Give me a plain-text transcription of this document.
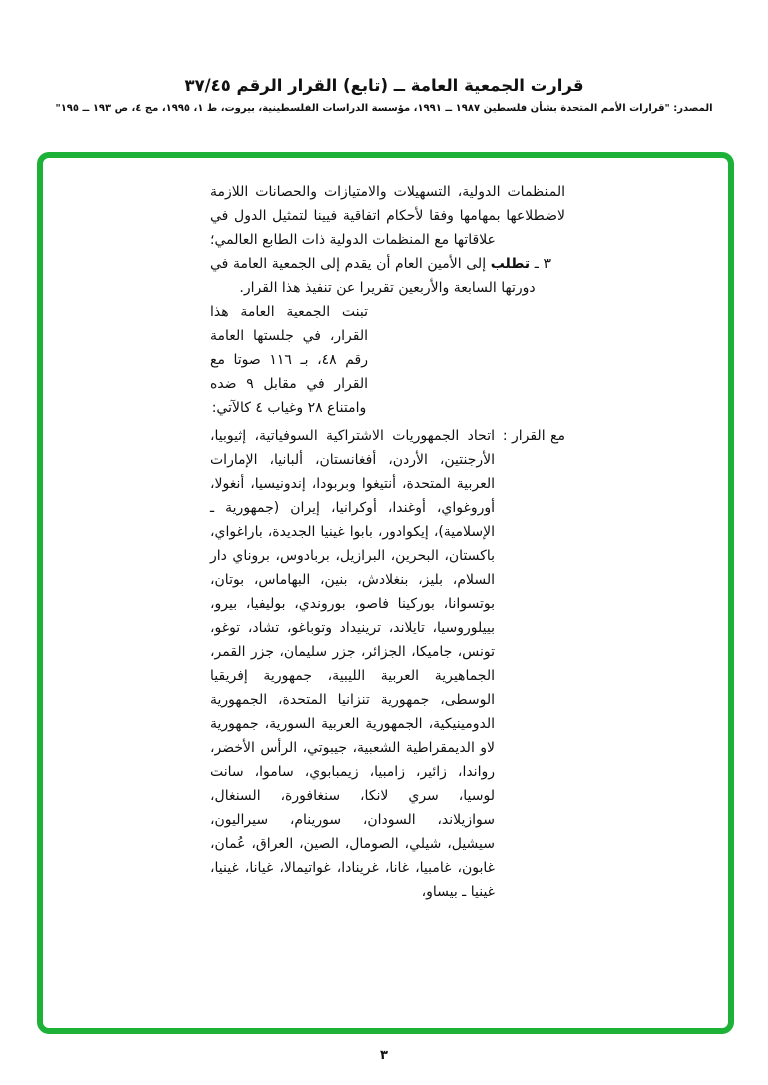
قرارت الجمعية العامة ــ (تابع) القرار الرقم ٣٧/٤٥
المصدر: "قرارات الأمم المتحدة بشأن فلسطين ١٩٨٧ ــ ١٩٩١، مؤسسة الدراسات الفلسطينية، بيروت، ط ١، ١٩٩٥، مج ٤، ص ١٩٣ ــ ١٩٥"

المنظمات الدولية، التسهيلات والامتيازات والحصانات اللازمة لاضطلاعها بمهامها وفقا لأحكام اتفاقية فيينا لتمثيل الدول في علاقاتها مع المنظمات الدولية ذات الطابع العالمي؛

٣ ـ تطلب إلى الأمين العام أن يقدم إلى الجمعية العامة في دورتها السابعة والأربعين تقريرا عن تنفيذ هذا القرار.

تبنت الجمعية العامة هذا القرار، في جلستها العامة رقم ٤٨، بـ ١١٦ صوتا مع القرار في مقابل ٩ ضده وامتناع ٢٨ وغياب ٤ كالآتي:

مع القرار :

اتحاد الجمهوريات الاشتراكية السوفياتية، إثيوبيا، الأرجنتين، الأردن، أفغانستان، ألبانيا، الإمارات العربية المتحدة، أنتيغوا وبربودا، إندونيسيا، أنغولا، أوروغواي، أوغندا، أوكرانيا، إيران (جمهورية ـ الإسلامية)، إيكوادور، بابوا غينيا الجديدة، باراغواي، باكستان، البحرين، البرازيل، بربادوس، بروناي دار السلام، بليز، بنغلادش، بنين، البهاماس، بوتان، بوتسوانا، بوركينا فاصو، بوروندي، بوليفيا، بيرو، بييلوروسيا، تايلاند، ترينيداد وتوباغو، تشاد، توغو، تونس، جاميكا، الجزائر، جزر سليمان، جزر القمر، الجماهيرية العربية الليبية، جمهورية إفريقيا الوسطى، جمهورية تنزانيا المتحدة، الجمهورية الدومينيكية، الجمهورية العربية السورية، جمهورية لاو الديمقراطية الشعبية، جيبوتي، الرأس الأخضر، رواندا، زائير، زامبيا، زيمبابوي، ساموا، سانت لوسيا، سري لانكا، سنغافورة، السنغال، سوازيلاند، السودان، سورينام، سيراليون، سيشيل، شيلي، الصومال، الصين، العراق، عُمان، غابون، غامبيا، غانا، غرينادا، غواتيمالا، غيانا، غينيا، غينيا ـ بيساو،

٣
